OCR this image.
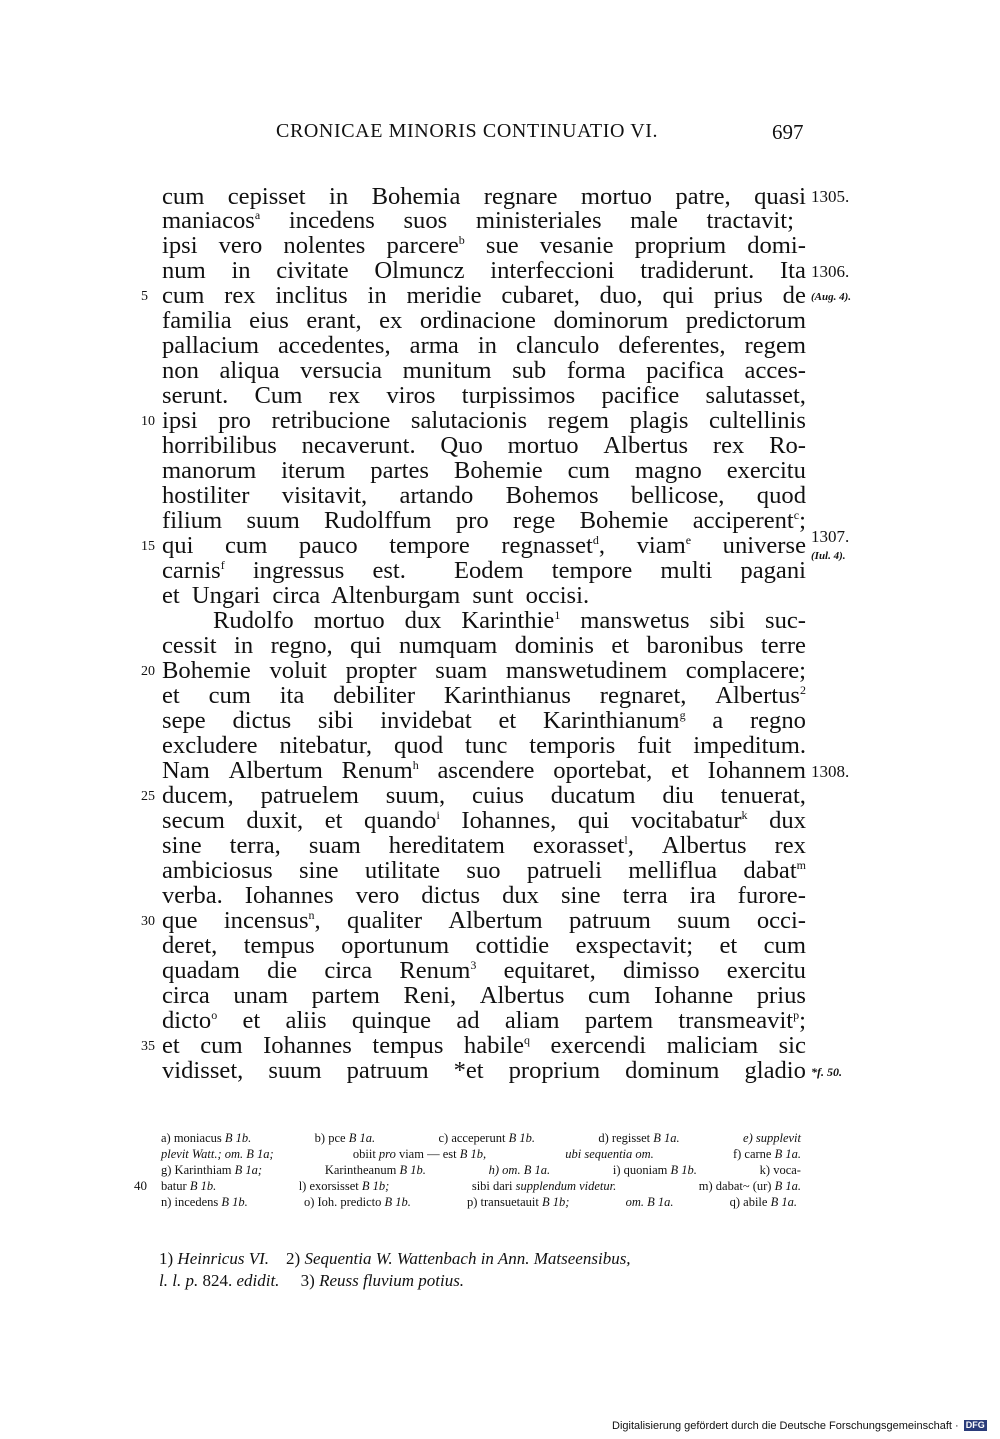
CRONICAE MINORIS CONTINUATIO VI.	697
cum cepisset in Bohemia regnare mortuo patre, quasi
maniacos$^a$ incedens suos ministeriales male tractavit;
ipsi vero nolentes parcere$^b$ sue vesanie proprium domi-
num in civitate Olmuncz interfeccioni tradiderunt. Ita
cum rex inclitus in meridie cubaret, duo, qui prius de
familia eius erant, ex ordinacione dominorum predictorum
pallacium accedentes, arma in clanculo deferentes, regem
non aliqua versucia munitum sub forma pacifica acces-
serunt. Cum rex viros turpissimos pacifice salutasset,
ipsi pro retribucione salutacionis regem plagis cultellinis
horribilibus necaverunt. Quo mortuo Albertus rex Ro-
manorum iterum partes Bohemie cum magno exercitu
hostiliter visitavit, artando Bohemos bellicose, quod
filium suum Rudolffum pro rege Bohemie acciperent$^c$;
qui cum pauco tempore regnasset$^d$, viam$^e$ universe
carnis$^f$ ingressus est. Eodem tempore multi pagani
et Ungari circa Altenburgam sunt occisi.
Rudolfo mortuo dux Karinthie$^1$ manswetus sibi suc-
cessit in regno, qui numquam dominis et baronibus terre
Bohemie voluit propter suam manswetudinem complacere;
et cum ita debiliter Karinthianus regnaret, Albertus$^2$
sepe dictus sibi invidebat et Karinthianum$^g$ a regno
excludere nitebatur, quod tunc temporis fuit impeditum.
Nam Albertum Renum$^h$ ascendere oportebat, et Iohannem
ducem, patruelem suum, cuius ducatum diu tenuerat,
secum duxit, et quando$^i$ Iohannes, qui vocitabatur$^k$ dux
sine terra, suam hereditatem exorasset$^l$, Albertus rex
ambiciosus sine utilitate suo patrueli melliflua dabat$^m$
verba. Iohannes vero dictus dux sine terra ira furore-
que incensus$^n$, qualiter Albertum patruum suum occi-
deret, tempus oportunum cottidie exspectavit; et cum
quadam die circa Renum$^3$ equitaret, dimisso exercitu
circa unam partem Reni, Albertus cum Iohanne prius
dicto$^o$ et aliis quinque ad aliam partem transmeavit$^p$;
et cum Iohannes tempus habile$^q$ exercendi maliciam sic
vidisset, suum patruum *et proprium dominum gladio
5
10
15
20
25
30
35
1305.
1306.
(Aug. 4).
1307.
(Iul. 4).
1308.
*f. 50.
a) moniacus B 1b.	b) pce B 1a.	c) acceperunt B 1b.	d) regisset B 1a.	e) supplevit
plevit Watt.; om. B 1a;	obiit pro viam — est B 1b,	ubi sequentia om.	f) carne B 1a.
g) Karinthiam B 1a;	Karintheanum B 1b.	h) om. B 1a.	i) quoniam B 1b.	k) voca-
40 batur B 1b.	l) exorsisset B 1b;	sibi dari supplendum videtur.	m) dabat~ (ur) B 1a.
n) incedens B 1b.	o) Ioh. predicto B 1b.	p) transuetauit B 1b;	om. B 1a.	q) abile B 1a.
1) Heinricus VI. 2) Sequentia W. Wattenbach in Ann. Matseensibus,
l. l. p. 824. edidit. 3) Reuss fluvium potius.
Digitalisierung gefördert durch die Deutsche Forschungsgemeinschaft · DFG
